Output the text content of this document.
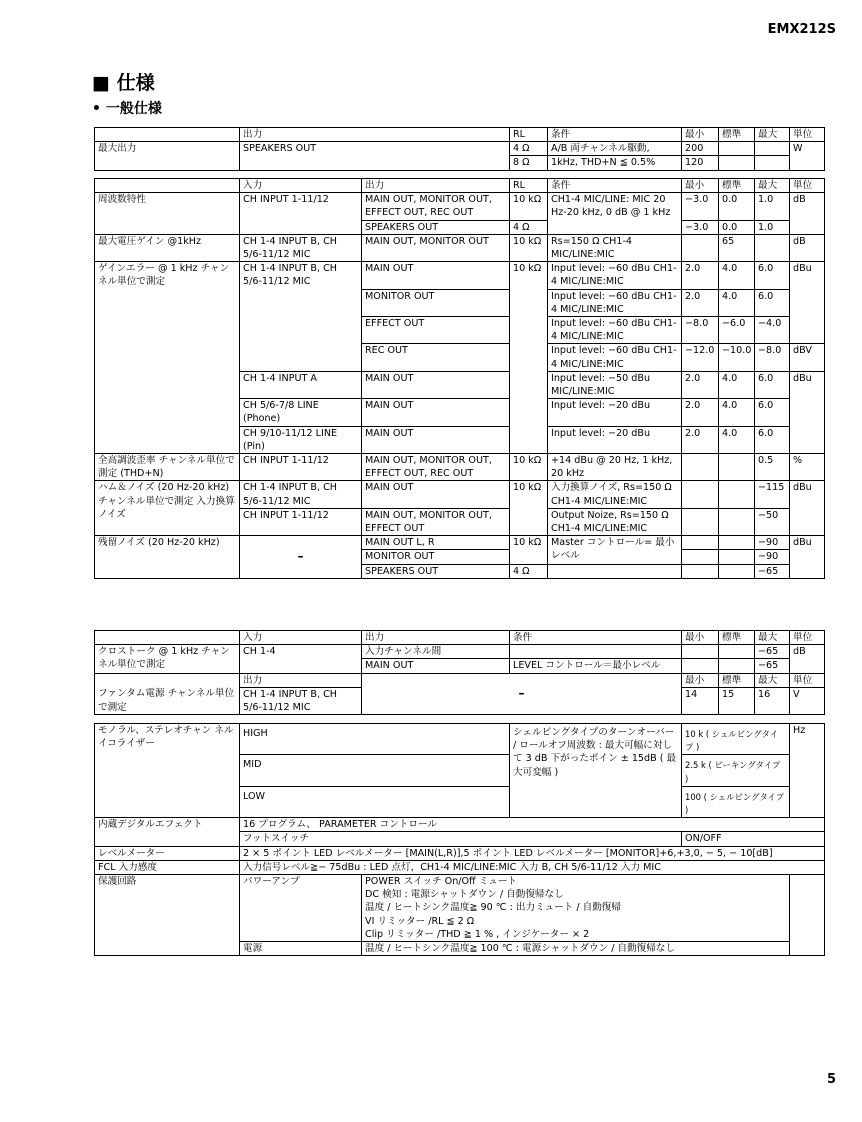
EMX212S
■ 仕様
• 一般仕様
	出力	RL	条件	最小	標準	最大	単位
最大出力	SPEAKERS OUT	4 Ω	A/B 両チャンネル駆動,	200			W
		8 Ω	1kHz, THD+N ≦ 0.5%	120			
	入力	出力	RL	条件	最小	標準	最大	単位
周波数特性	CH INPUT 1-11/12	MAIN OUT, MONITOR OUT, EFFECT OUT, REC OUT	10 kΩ	CH1-4 MIC/LINE: MIC 20 Hz-20 kHz, 0 dB @ 1 kHz	−3.0	0.0	1.0	dB
		SPEAKERS OUT	4 Ω		−3.0	0.0	1.0	
最大電圧ゲイン @1kHz	CH 1-4 INPUT B, CH 5/6-11/12 MIC	MAIN OUT, MONITOR OUT	10 kΩ	Rs=150 Ω CH1-4 MIC/LINE:MIC		65		dB
ゲインエラー @ 1 kHz チャンネル単位で測定	CH 1-4 INPUT B, CH 5/6-11/12 MIC	MAIN OUT	10 kΩ	Input level: −60 dBu CH1-4 MIC/LINE:MIC	2.0	4.0	6.0	dBu
		MONITOR OUT		Input level: −60 dBu CH1-4 MIC/LINE:MIC	2.0	4.0	6.0	
		EFFECT OUT		Input level: −60 dBu CH1-4 MIC/LINE:MIC	−8.0	−6.0	−4.0	
		REC OUT		Input level: −60 dBu CH1-4 MIC/LINE:MIC	−12.0	−10.0	−8.0	dBV
	CH 1-4 INPUT A	MAIN OUT		Input level: −50 dBu MIC/LINE:MIC	2.0	4.0	6.0	dBu
	CH 5/6-7/8 LINE (Phone)	MAIN OUT		Input level: −20 dBu	2.0	4.0	6.0	
	CH 9/10-11/12 LINE (Pin)	MAIN OUT		Input level: −20 dBu	2.0	4.0	6.0	
全高調波歪率 チャンネル単位で測定 (THD+N)	CH INPUT 1-11/12	MAIN OUT, MONITOR OUT, EFFECT OUT, REC OUT	10 kΩ	+14 dBu @ 20 Hz, 1 kHz, 20 kHz			0.5	%
ハム＆ノイズ (20 Hz-20 kHz) チャンネル単位で測定 入力換算ノイズ	CH 1-4 INPUT B, CH 5/6-11/12 MIC	MAIN OUT	10 kΩ	入力換算ノイズ, Rs=150 Ω CH1-4 MIC/LINE:MIC			−115	dBu
	CH INPUT 1-11/12	MAIN OUT, MONITOR OUT, EFFECT OUT		Output Noize, Rs=150 Ω CH1-4 MIC/LINE:MIC			−50	
残留ノイズ (20 Hz-20 kHz)	–	MAIN OUT L, R	10 kΩ	Master コントロール= 最小レベル			−90	dBu
		MONITOR OUT					−90	
		SPEAKERS OUT	4 Ω				−65	
	入力	出力	条件	最小	標準	最大	単位
クロストーク @ 1 kHz チャンネル単位で測定	CH 1-4	入力チャンネル間				−65	dB
		MAIN OUT	LEVEL コントロール＝最小レベル			−65	
	出力	–		最小	標準	最大	単位
ファンタム電源 チャンネル単位で測定	CH 1-4 INPUT B, CH 5/6-11/12 MIC			14	15	16	V
モノラル、ステレオチャン ネルイコライザー	HIGH		シェルビングタイプのターンオーバー / ロールオフ周波数 : 最大可幅に対して 3 dB 下がったポイン ± 15dB ( 最大可変幅 )	10 k ( シェルビングタイプ )	Hz
	MID			2.5 k ( ピーキングタイプ )	
	LOW			100 ( シェルビングタイプ )	
内蔵デジタルエフェクト	16 プログラム、 PARAMETER コントロール				
	フットスイッチ			ON/OFF	
レベルメーター	2 × 5 ポイント LED レベルメーター [MAIN(L,R)],5 ポイント LED レベルメーター [MONITOR]+6,+3,0, − 5, − 10[dB]				
FCL 入力感度	入力信号レベル≧− 75dBu : LED 点灯，CH1-4 MIC/LINE:MIC 入力 B, CH 5/6-11/12 入力 MIC				
保護回路	パワーアンプ	POWER スイッチ On/Off ミュート
DC 検知 : 電源シャットダウン / 自動復帰なし
温度 / ヒートシンク温度≧ 90 ℃ : 出力ミュート / 自動復帰
VI リミッター /RL ≦ 2 Ω
Clip リミッター /THD ≧ 1 % , インジケーター × 2			

	電源	温度 / ヒートシンク温度≧ 100 ℃ : 電源シャットダウン / 自動復帰なし			
5
